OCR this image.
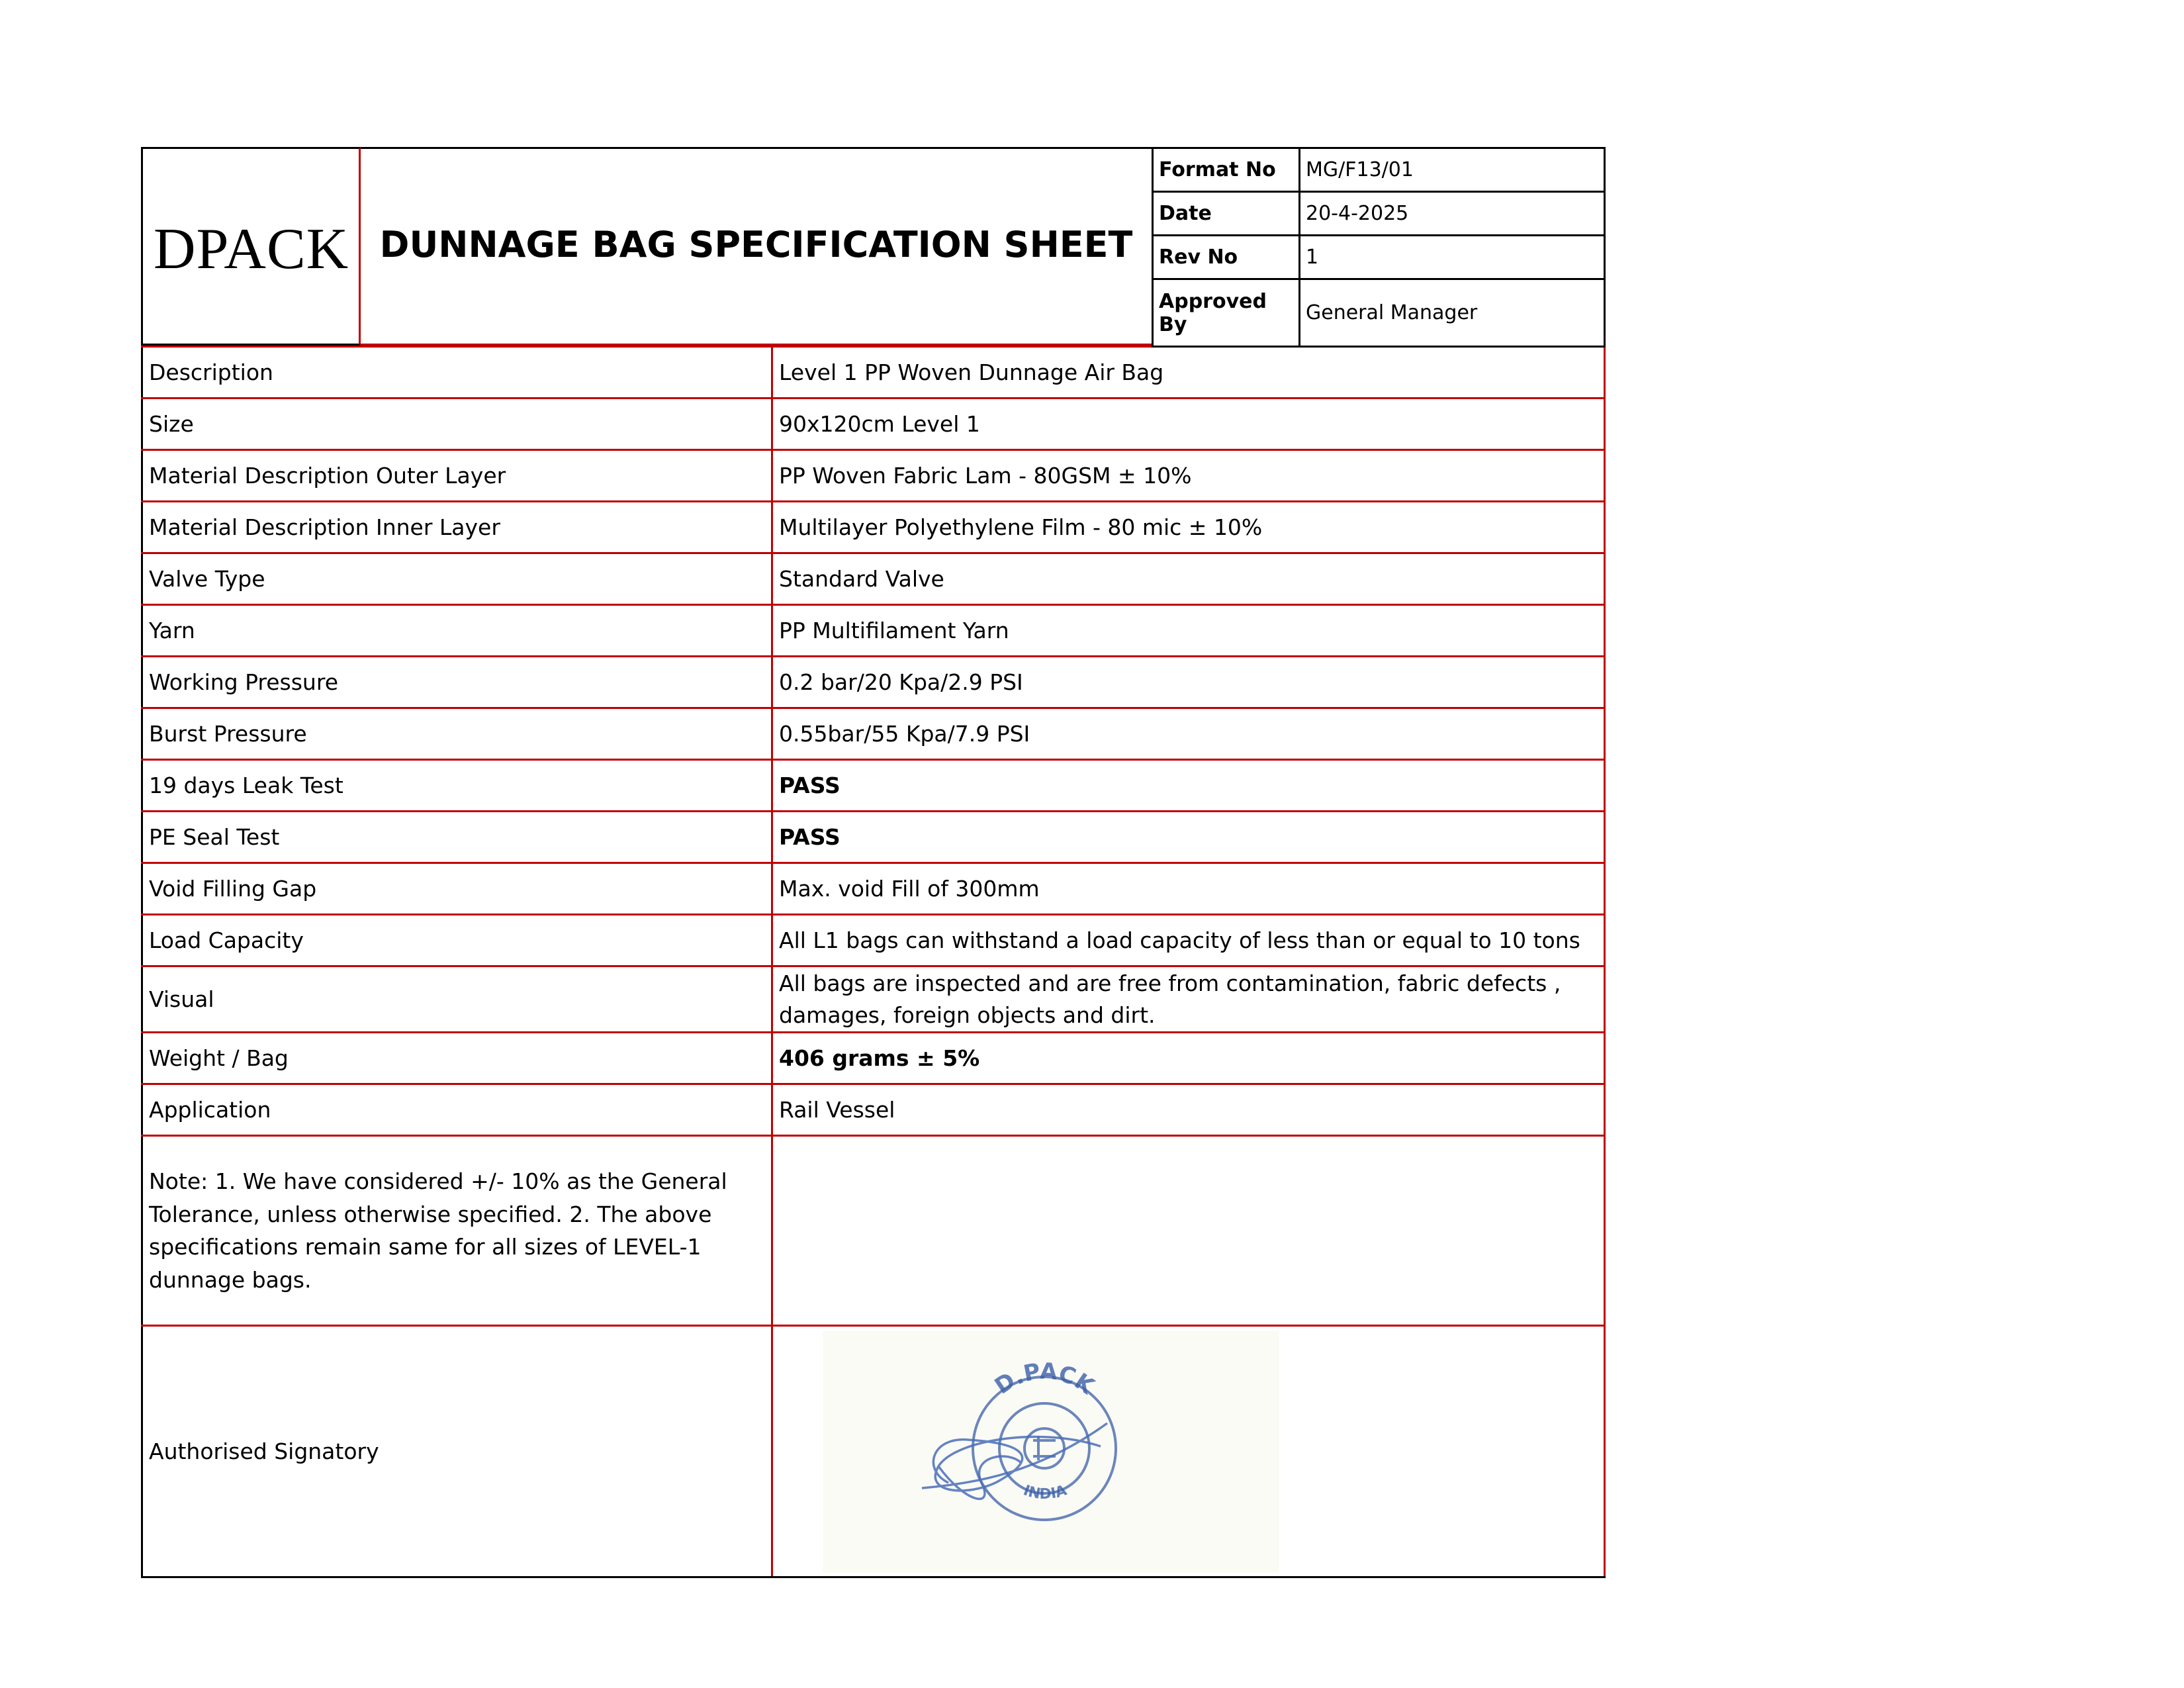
DPACK DUNNAGE BAG SPECIFICATION SHEET
Format No	MG/F13/01
Date	20-4-2025
Rev No	1
Approved By	General Manager
Description	Level 1 PP Woven Dunnage Air Bag
Size	90x120cm Level 1
Material Description Outer Layer	PP Woven Fabric Lam - 80GSM ± 10%
Material Description Inner Layer	Multilayer Polyethylene Film - 80 mic ± 10%
Valve Type	Standard Valve
Yarn	PP Multifilament Yarn
Working Pressure	0.2 bar/20 Kpa/2.9 PSI
Burst Pressure	0.55bar/55 Kpa/7.9 PSI
19 days Leak Test	PASS
PE Seal Test	PASS
Void Filling Gap	Max. void Fill of 300mm
Load Capacity	All L1 bags can withstand a load capacity of less than or equal to 10 tons
Visual	All bags are inspected and are free from contamination, fabric defects ,
damages, foreign objects and dirt.

Weight / Bag	406 grams ± 5%
Application	Rail Vessel
Note: 1. We have considered +/- 10% as the General Tolerance, unless otherwise specified. 2. The above specifications remain same for all sizes of LEVEL-1 dunnage bags.	
Authorised Signatory	D.PACK
INDIA
